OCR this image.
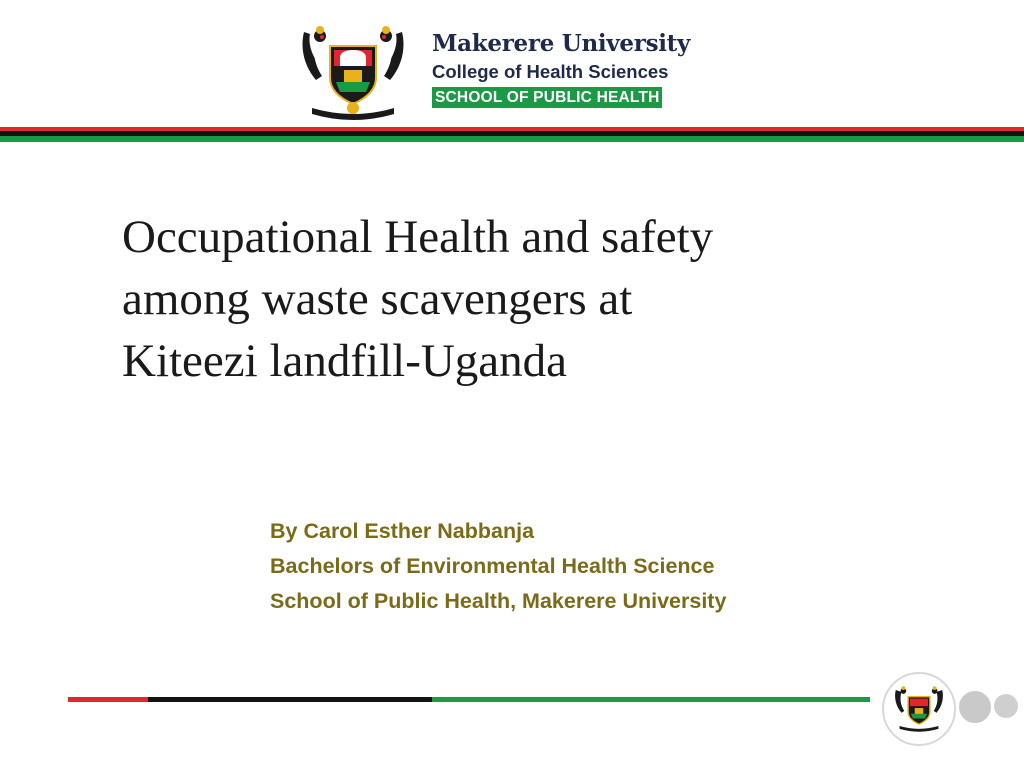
Makerere University
College of Health Sciences
SCHOOL OF PUBLIC HEALTH
Occupational Health and safety
among waste scavengers at
Kiteezi landfill-Uganda
By Carol Esther Nabbanja
Bachelors of Environmental Health Science
School of Public Health, Makerere University
